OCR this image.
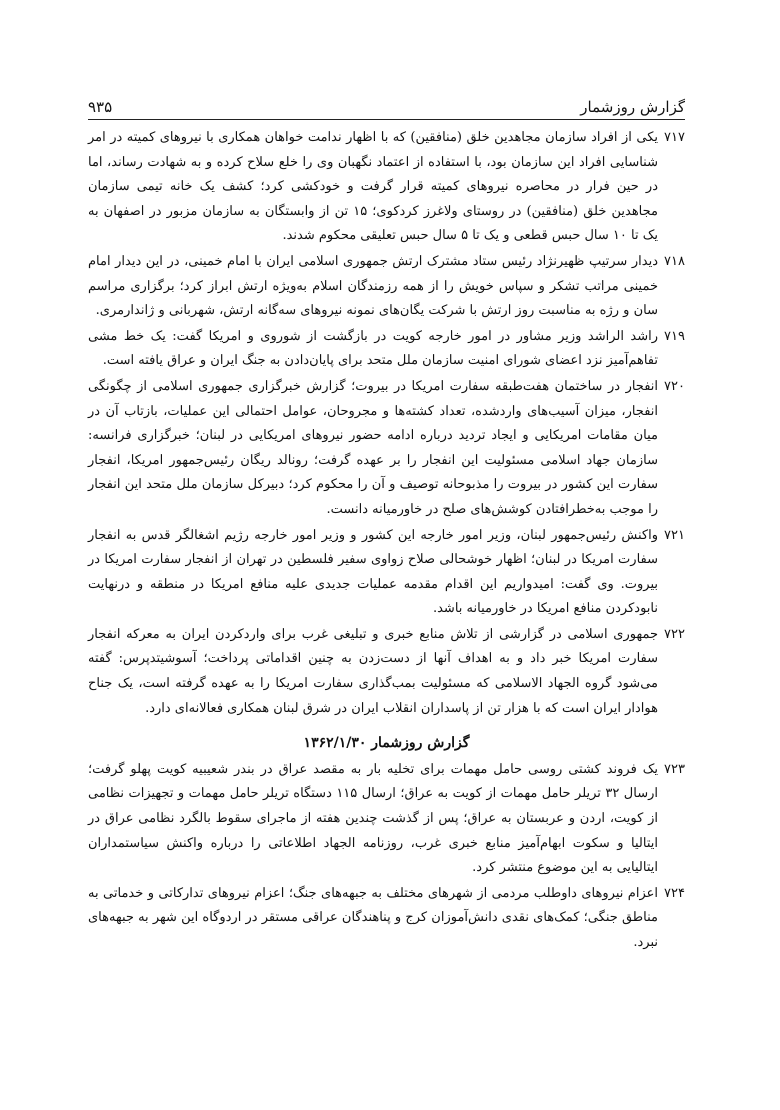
گزارش روزشمار
۹۳۵

۷۱۷
یکی از افراد سازمان مجاهدین خلق (منافقین) که با اظهار ندامت خواهان همکاری با نیروهای کمیته در امر شناسایی افراد این سازمان بود، با استفاده از اعتماد نگهبان وی را خلع سلاح کرده و به شهادت رساند، اما در حین فرار در محاصره نیروهای کمیته قرار گرفت و خودکشی کرد؛ کشف یک خانه تیمی سازمان مجاهدین خلق (منافقین) در روستای ولاغرز کردکوی؛ ۱۵ تن از وابستگان به سازمان مزبور در اصفهان به یک تا ۱۰ سال حبس قطعی و یک تا ۵ سال حبس تعلیقی محکوم شدند.

۷۱۸
دیدار سرتیپ ظهیرنژاد رئیس ستاد مشترک ارتش جمهوری اسلامی ایران با امام خمینی، در این دیدار امام خمینی مراتب تشکر و سپاس خویش را از همه رزمندگان اسلام به‌ویژه ارتش ابراز کرد؛ برگزاری مراسم سان و رژه به مناسبت روز ارتش با شرکت یگان‌های نمونه نیروهای سه‌گانه ارتش، شهربانی و ژاندارمری.

۷۱۹
راشد الراشد وزیر مشاور در امور خارجه کویت در بازگشت از شوروی و امریکا گفت: یک خط مشی تفاهم‌آمیز نزد اعضای شورای امنیت سازمان ملل متحد برای پایان‌دادن به جنگ ایران و عراق یافته است.

۷۲۰
انفجار در ساختمان هفت‌طبقه سفارت امریکا در بیروت؛ گزارش خبرگزاری جمهوری اسلامی از چگونگی انفجار، میزان آسیب‌های واردشده، تعداد کشته‌ها و مجروحان، عوامل احتمالی این عملیات، بازتاب آن در میان مقامات امریکایی و ایجاد تردید درباره ادامه حضور نیروهای امریکایی در لبنان؛ خبرگزاری فرانسه: سازمان جهاد اسلامی مسئولیت این انفجار را بر عهده گرفت؛ رونالد ریگان رئیس‌جمهور امریکا، انفجار سفارت این کشور در بیروت را مذبوحانه توصیف و آن را محکوم کرد؛ دبیرکل سازمان ملل متحد این انفجار را موجب به‌خطرافتادن کوشش‌های صلح در خاورمیانه دانست.

۷۲۱
واکنش رئیس‌جمهور لبنان، وزیر امور خارجه این کشور و وزیر امور خارجه رژیم اشغالگر قدس به انفجار سفارت امریکا در لبنان؛ اظهار خوشحالی صلاح زواوی سفیر فلسطین در تهران از انفجار سفارت امریکا در بیروت. وی گفت: امیدواریم این اقدام مقدمه عملیات جدیدی علیه منافع امریکا در منطقه و درنهایت نابودکردن منافع امریکا در خاورمیانه باشد.

۷۲۲
جمهوری اسلامی در گزارشی از تلاش منابع خبری و تبلیغی غرب برای واردکردن ایران به معرکه انفجار سفارت امریکا خبر داد و به اهداف آنها از دست‌زدن به چنین اقداماتی پرداخت؛ آسوشیتدپرس: گفته می‌شود گروه الجهاد الاسلامی که مسئولیت بمب‌گذاری سفارت امریکا را به عهده گرفته است، یک جناح هوادار ایران است که با هزار تن از پاسداران انقلاب ایران در شرق لبنان همکاری فعالانه‌ای دارد.

گزارش روزشمار ۱۳۶۲/۱/۳۰

۷۲۳
یک فروند کشتی روسی حامل مهمات برای تخلیه بار به مقصد عراق در بندر شعیبیه کویت پهلو گرفت؛ ارسال ۳۲ تریلر حامل مهمات از کویت به عراق؛ ارسال ۱۱۵ دستگاه تریلر حامل مهمات و تجهیزات نظامی از کویت، اردن و عربستان به عراق؛ پس از گذشت چندین هفته از ماجرای سقوط بالگرد نظامی عراق در ایتالیا و سکوت ابهام‌آمیز منابع خبری غرب، روزنامه الجهاد اطلاعاتی را درباره واکنش سیاستمداران ایتالیایی به این موضوع منتشر کرد.

۷۲۴
اعزام نیروهای داوطلب مردمی از شهرهای مختلف به جبهه‌های جنگ؛ اعزام نیروهای تدارکاتی و خدماتی به مناطق جنگی؛ کمک‌های نقدی دانش‌آموزان کرج و پناهندگان عراقی مستقر در اردوگاه این شهر به جبهه‌های نبرد.
